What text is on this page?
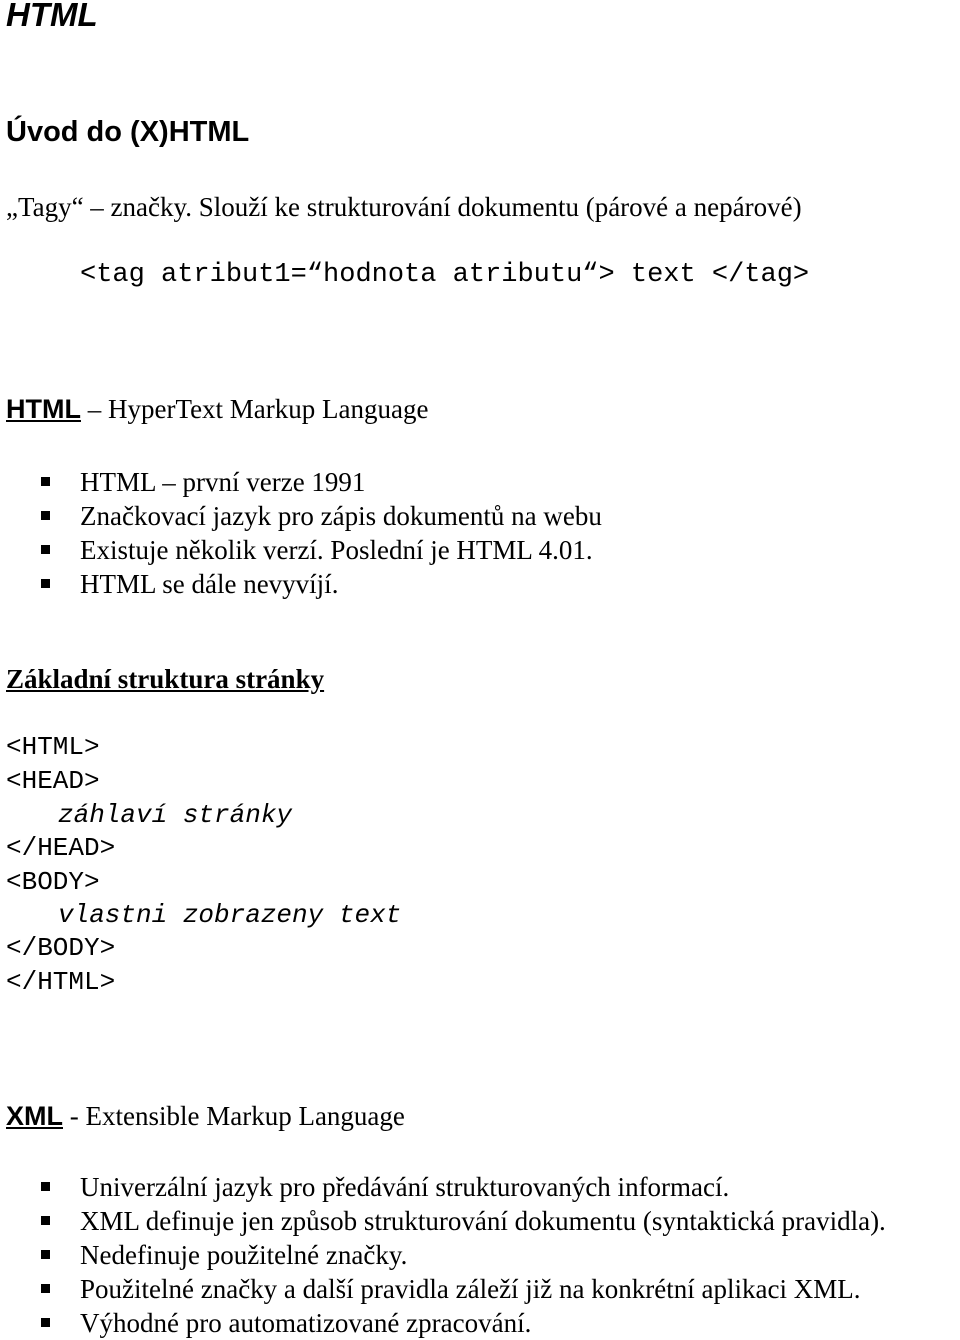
HTML
Úvod do (X)HTML

„Tagy“ – značky. Slouží ke strukturování dokumentu (párové a nepárové)

<tag atribut1=“hodnota atributu“> text </tag>

HTML – HyperText Markup Language

HTML – první verze 1991
Značkovací jazyk pro zápis dokumentů na webu
Existuje několik verzí. Poslední je HTML 4.01.
HTML se dále nevyvíjí.

Základní struktura stránky

<HTML>

<HEAD>

záhlaví stránky

</HEAD>

<BODY>

vlastni zobrazeny text

</BODY>

</HTML>

XML - Extensible Markup Language

Univerzální jazyk pro předávání strukturovaných informací.
XML definuje jen způsob strukturování dokumentu (syntaktická pravidla).
Nedefinuje použitelné značky.
Použitelné značky a další pravidla záleží již na konkrétní aplikaci XML.
Výhodné pro automatizované zpracování.
